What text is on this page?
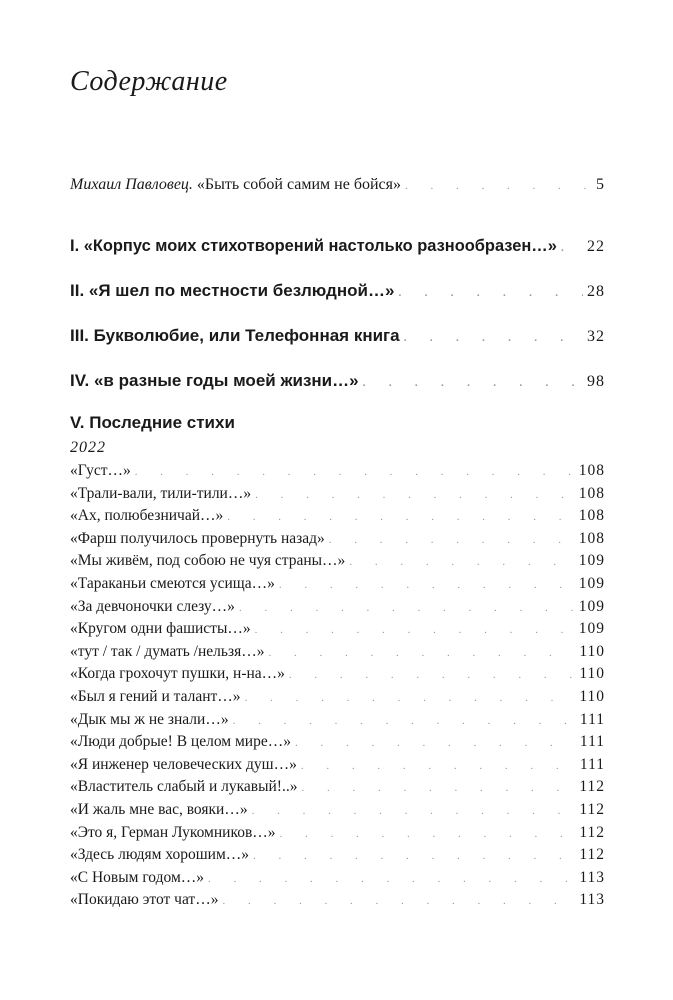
Содержание
Михаил Павловец. «Быть собой самим не бойся» . . .	5
I. «Корпус моих стихотворений настолько разнообразен…» . . . 22
II. «Я шел по местности безлюдной…» . . .	28
III. Букволюбие, или Телефонная книга . . .	32
IV. «в разные годы моей жизни…» . . .	98
V. Последние стихи
2022
«Густ…» . . .	108
«Трали-вали, тили-тили…» . . .	108
«Ах, полюбезничай…» . . .	108
«Фарш получилось провернуть назад» . . .	108
«Мы живём, под собою не чуя страны…» . . .	109
«Тараканьи смеются усища…» . . .	109
«За девчоночки слезу…» . . .	109
«Кругом одни фашисты…» . . .	109
«тут / так / думать /нельзя…» . . .	110
«Когда грохочут пушки, н-на…» . . .	110
«Был я гений и талант…» . . .	110
«Дык мы ж не знали…» . . .	111
«Люди добрые! В целом мире…» . . .	111
«Я инженер человеческих душ…» . . .	111
«Властитель слабый и лукавый!..» . . .	112
«И жаль мне вас, вояки…» . . .	112
«Это я, Герман Лукомников…» . . .	112
«Здесь людям хорошим…» . . .	112
«С Новым годом…» . . .	113
«Покидаю этот чат…» . . .	113
